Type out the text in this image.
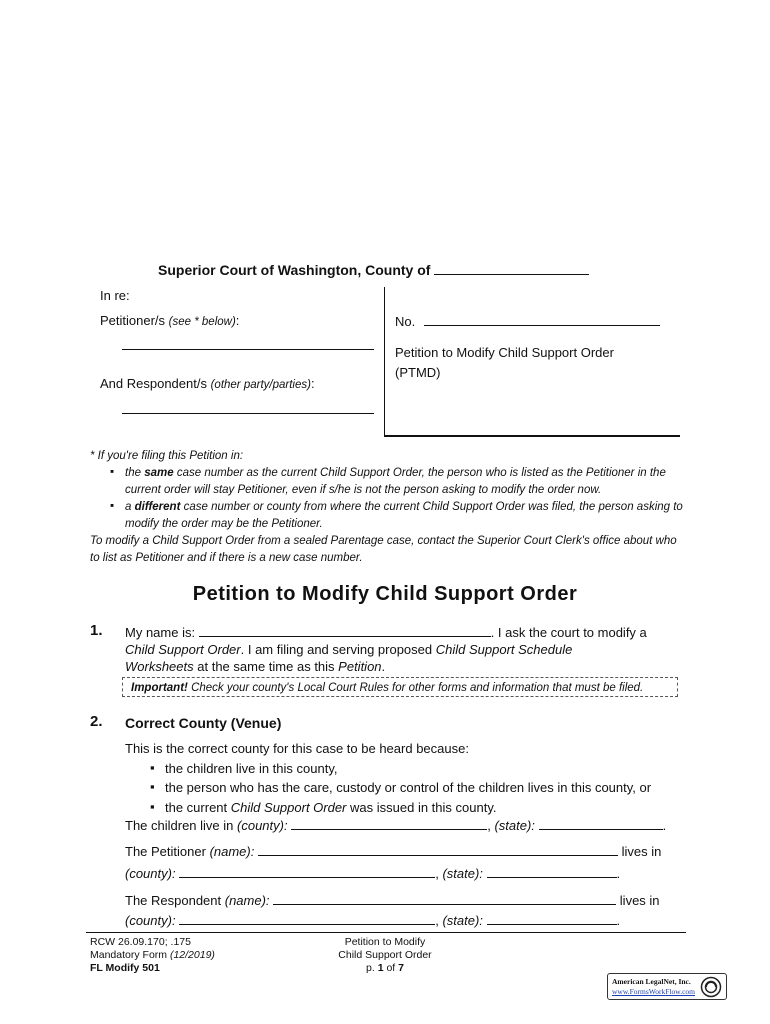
Superior Court of Washington, County of
In re:
Petitioner/s (see * below):
And Respondent/s (other party/parties):
No.
Petition to Modify Child Support Order
(PTMD)
* If you're filing this Petition in:
▪ the same case number as the current Child Support Order, the person who is listed as the Petitioner in the
current order will stay Petitioner, even if s/he is not the person asking to modify the order now.
▪ a different case number or county from where the current Child Support Order was filed, the person asking to
modify the order may be the Petitioner.
To modify a Child Support Order from a sealed Parentage case, contact the Superior Court Clerk's office about who
to list as Petitioner and if there is a new case number.
Petition to Modify Child Support Order
1. My name is:	. I ask the court to modify a
Child Support Order. I am filing and serving proposed Child Support Schedule
Worksheets at the same time as this Petition.
Important! Check your county's Local Court Rules for other forms and information that must be filed.
2. Correct County (Venue)
This is the correct county for this case to be heard because:
▪ the children live in this county,
▪ the person who has the care, custody or control of the children lives in this county, or
▪ the current Child Support Order was issued in this county.
The children live in (county):	, (state):	.
The Petitioner (name):	lives in
(county):	, (state):	.
The Respondent (name):	lives in
(county):	, (state):	.
RCW 26.09.170; .175
Mandatory Form (12/2019)
FL Modify 501
Petition to Modify
Child Support Order
p. 1 of 7
American LegalNet, Inc.
www.FormsWorkFlow.com
